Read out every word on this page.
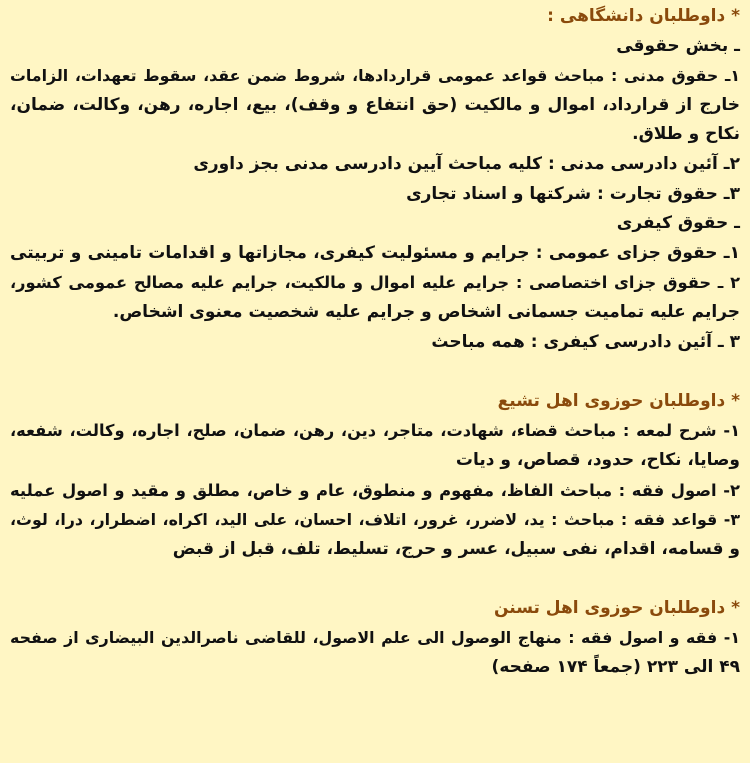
* داوطلبان دانشگاهی :
ـ بخش حقوقی
۱ـ حقوق مدنی : مباحث قواعد عمومی قراردادها، شروط ضمن عقد، سقوط تعهدات، الزامات
خارج از قرارداد، اموال و مالکیت (حق انتفاع و وقف)، بیع، اجاره، رهن، وکالت، ضمان،
نکاح و طلاق.
۲ـ آئین دادرسی مدنی : کلیه مباحث آیین دادرسی مدنی بجز داوری
۳ـ حقوق تجارت : شرکتها و اسناد تجاری
ـ حقوق کیفری
۱ـ حقوق جزای عمومی : جرایم و مسئولیت کیفری، مجازاتها و اقدامات تامینی و تربیتی
۲ ـ حقوق جزای اختصاصی : جرایم علیه اموال و مالکیت، جرایم علیه مصالح عمومی کشور،
جرایم علیه تمامیت جسمانی اشخاص و جرایم علیه شخصیت معنوی اشخاص.
۳ ـ آئین دادرسی کیفری : همه مباحث
* داوطلبان حوزوی اهل تشیع
۱- شرح لمعه : مباحث قضاء، شهادت، متاجر، دین، رهن، ضمان، صلح، اجاره، وکالت، شفعه،
وصایا، نکاح، حدود، قصاص، و دیات
۲- اصول فقه : مباحث الفاظ، مفهوم و منطوق، عام و خاص، مطلق و مقید و اصول عملیه
۳- قواعد فقه : مباحث : ید، لاضرر، غرور، اتلاف، احسان، علی الید، اکراه، اضطرار، درا، لوث،
و قسامه، اقدام، نفی سبیل، عسر و حرج، تسلیط، تلف، قبل از قبض
* داوطلبان حوزوی اهل تسنن
۱- فقه و اصول فقه : منهاج الوصول الی علم الاصول، للقاضی ناصرالدین البیضاری از صفحه
۴۹ الی ۲۲۳ (جمعاً ۱۷۴ صفحه)
